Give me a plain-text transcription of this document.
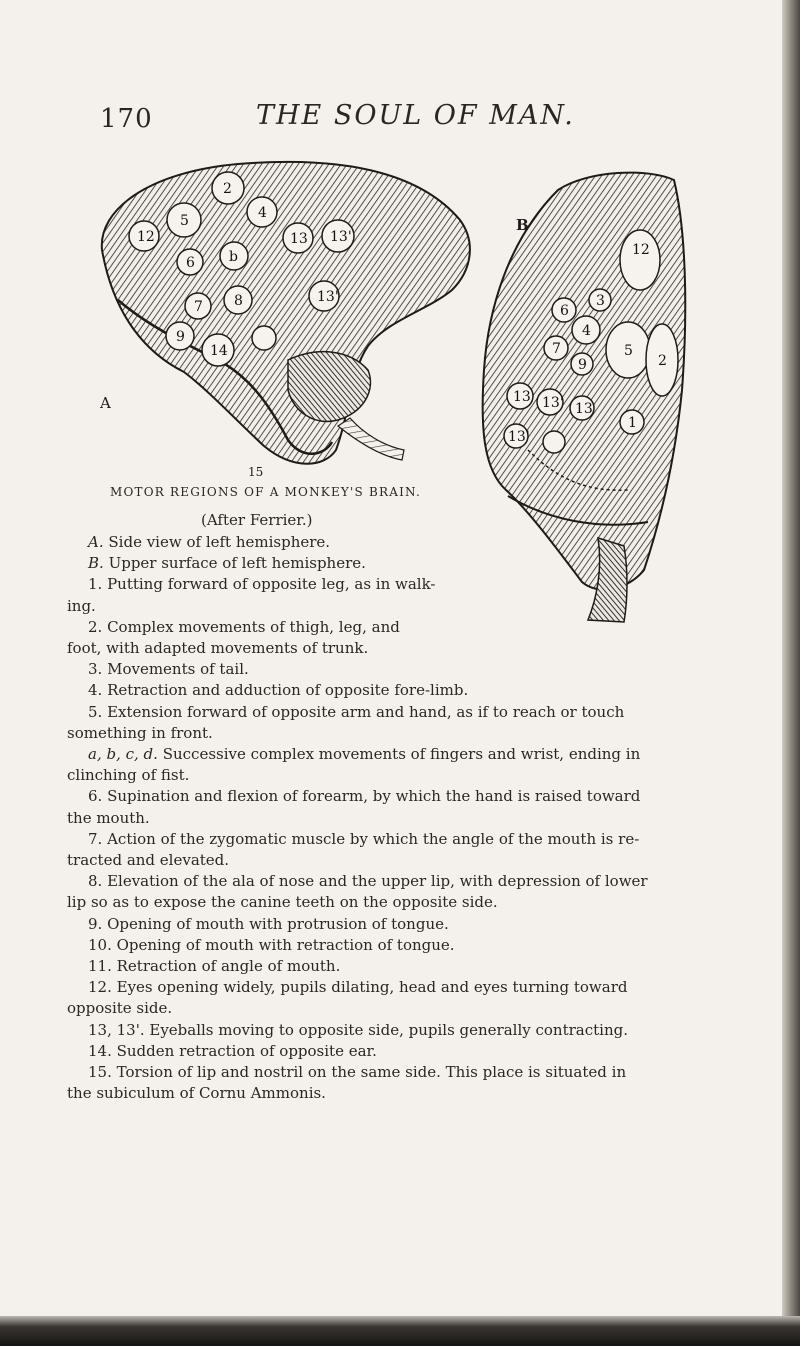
170	THE SOUL OF MAN.
12
2
5	4
6 b
13 13'
7 8
9
14
13'
A
15
12
5
6
3
7
2
4
9
13 13' 13
13'
1
B
MOTOR REGIONS OF A MONKEY'S BRAIN.
(After Ferrier.)

A. Side view of left hemisphere.

B. Upper surface of left hemisphere.

1. Putting forward of opposite leg, as in walk-

ing.

2. Complex movements of thigh, leg, and

foot, with adapted movements of trunk.

3. Movements of tail.

4. Retraction and adduction of opposite fore-limb.

5. Extension forward of opposite arm and hand, as if to reach or touch

something in front.

a, b, c, d. Successive complex movements of fingers and wrist, ending in

clinching of fist.

6. Supination and flexion of forearm, by which the hand is raised toward

the mouth.

7. Action of the zygomatic muscle by which the angle of the mouth is re-

tracted and elevated.

8. Elevation of the ala of nose and the upper lip, with depression of lower

lip so as to expose the canine teeth on the opposite side.

9. Opening of mouth with protrusion of tongue.

10. Opening of mouth with retraction of tongue.

11. Retraction of angle of mouth.

12. Eyes opening widely, pupils dilating, head and eyes turning toward

opposite side.

13, 13'. Eyeballs moving to opposite side, pupils generally contracting.

14. Sudden retraction of opposite ear.

15. Torsion of lip and nostril on the same side. This place is situated in

the subiculum of Cornu Ammonis.
